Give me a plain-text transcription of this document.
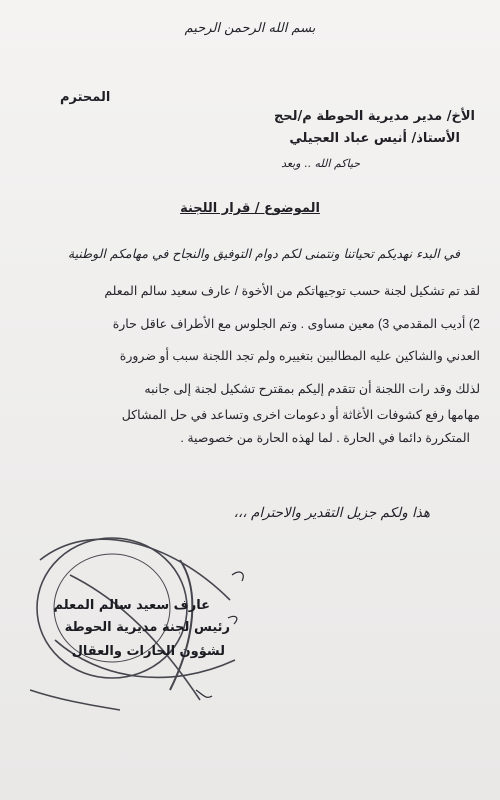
بسم الله الرحمن الرحيم
المحترم
الأخ/ مدير مديرية الحوطة م/لحج
الأستاذ/ أنيس عباد العجيلي
حياكم الله .. وبعد
الموضوع / قرار اللجنة
في البدء نهديكم تحياتنا ونتمنى لكم دوام التوفيق والنجاح في مهامكم الوطنية
لقد تم تشكيل لجنة حسب توجيهاتكم من الأخوة / عارف سعيد سالم المعلم
2) أديب المقدمي 3) معين مساوى . وتم الجلوس مع الأطراف عاقل حارة
العدني والشاكين عليه المطالبين بتغييره ولم تجد اللجنة سبب أو ضرورة
لذلك وقد رات اللجنة أن تتقدم إليكم بمقترح تشكيل لجنة إلى جانبه
مهامها رفع كشوفات الأغاثة أو دعومات اخرى وتساعد في حل المشاكل
المتكررة دائما في الحارة . لما لهذه الحارة من خصوصية .
هذا ولكم جزيل التقدير والاحترام ،،،
عارف سعيد سالم المعلم
رئيس لجنة مديرية الحوطة
لشؤون الحارات والعقال
